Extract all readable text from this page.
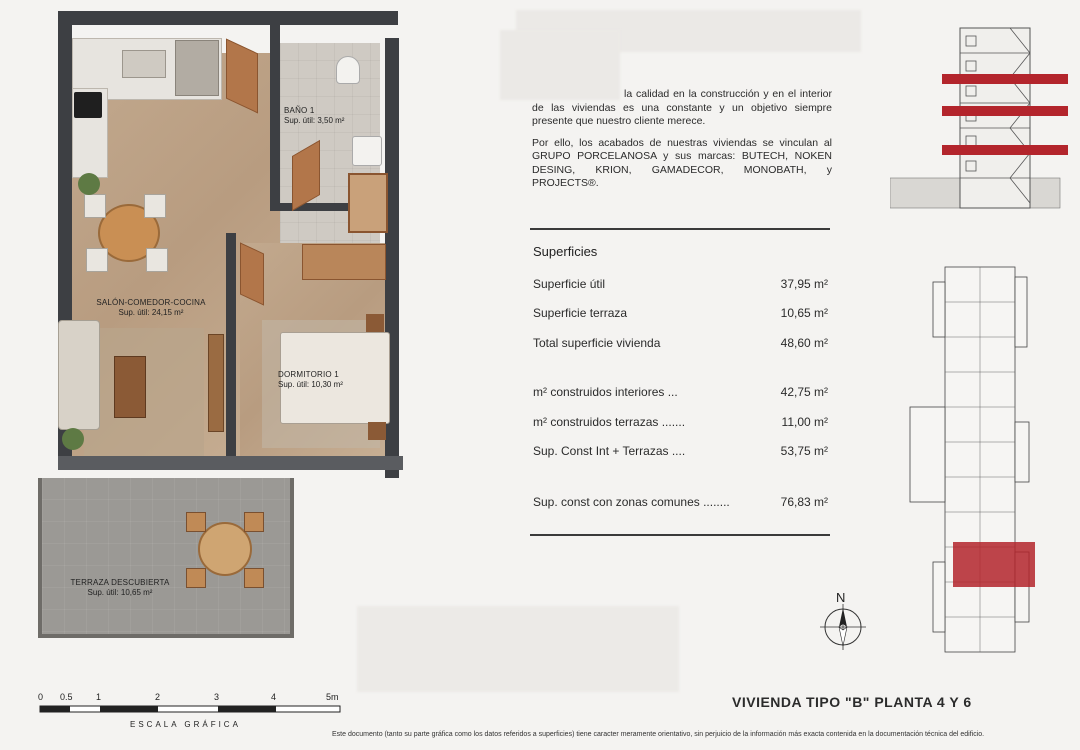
BAÑO 1
Sup. útil: 3,50 m²
SALÓN-COMEDOR-COCINA
Sup. útil: 24,15 m²
DORMITORIO 1
Sup. útil: 10,30 m²
TERRAZA DESCUBIERTA
Sup. útil: 10,65 m²
0 0.5	1	2	3	4	5m
ESCALA GRÁFICA

la calidad en la construcción y en el interior de las viviendas es una constante y un objetivo siempre presente que nuestro cliente merece.

Por ello, los acabados de nuestras viviendas se vinculan al GRUPO PORCELANOSA y sus marcas: BUTECH, NOKEN DESING, KRION, GAMADECOR, MONOBATH, y PROJECTS®.

Superficies
Superficie útil	37,95 m²
Superficie terraza	10,65 m²
Total superficie vivienda	48,60 m²
m² construidos interiores ...	42,75 m²
m² construidos terrazas .......	11,00 m²
Sup. Const Int + Terrazas ....	53,75 m²
Sup. const con zonas comunes ........	76,83 m²
N
VIVIENDA TIPO "B" PLANTA 4 Y 6
Este documento (tanto su parte gráfica como los datos referidos a superficies) tiene caracter meramente orientativo, sin perjuicio de la información más exacta contenida en la documentación técnica del edificio.
